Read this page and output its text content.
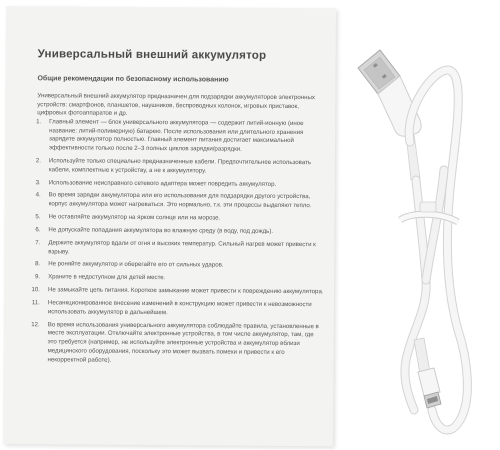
Универсальный внешний аккумулятор
Общие рекомендации по безопасному использованию
Универсальный внешний аккумулятор предназначен для подзарядки аккумуляторов электронных устройств: смартфонов, планшетов, наушников, беспроводных колонок, игровых приставок, цифровых фотоаппаратов и др.
1. Главный элемент — блок универсального аккумулятора — содержит литий-ионную (иное название: литий-полимерную) батарею. После использования или длительного хранения зарядите аккумулятор полностью. Главный элемент питания достигает максимальной эффективности только после 2–3 полных циклов зарядки/разрядки.
2. Используйте только специально предназначенные кабели. Предпочтительнее использовать кабели, комплектные к устройству, а не к аккумулятору.
3. Использование неисправного сетевого адаптера может повредить аккумулятор.
4. Во время зарядки аккумулятора или его использования для подзарядки другого устройства, корпус аккумулятора может нагреваться. Это нормально, т.к. эти процессы выделяют тепло.
5. Не оставляйте аккумулятор на ярком солнце или на морозе.
6. Не допускайте попадания аккумулятора во влажную среду (в воду, под дождь).
7. Держите аккумулятор вдали от огня и высоких температур. Сильный нагрев может привести к взрыву.
8. Не роняйте аккумулятор и оберегайте его от сильных ударов.
9. Храните в недоступном для детей месте.
10. Не замыкайте цепь питания. Короткое замыкание может привести к повреждению аккумулятора.
11. Несанкционированное внесение изменений в конструкцию может привести к невозможности использовать аккумулятор в дальнейшем.
12. Во время использования универсального аккумулятора соблюдайте правила, установленные в месте эксплуатации. Отключайте электронные устройства, в том числе аккумулятор, там, где это требуется (например, не используйте электронные устройства и аккумулятор вблизи медицинского оборудования, поскольку это может вызвать помехи и привести к его некорректной работе).
